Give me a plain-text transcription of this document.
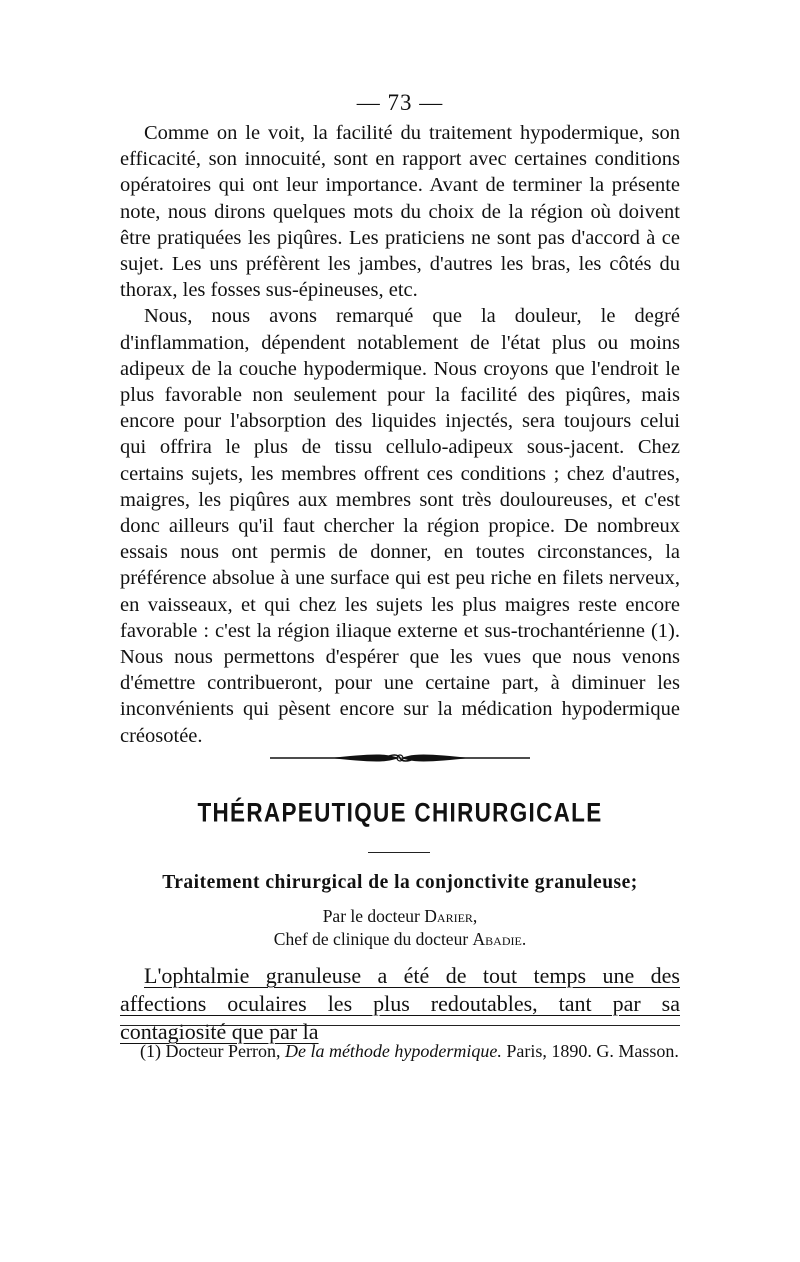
— 73 —

Comme on le voit, la facilité du traitement hypodermique, son efficacité, son innocuité, sont en rapport avec certaines conditions opératoires qui ont leur importance. Avant de terminer la présente note, nous dirons quelques mots du choix de la région où doivent être pratiquées les piqûres. Les praticiens ne sont pas d'accord à ce sujet. Les uns préfèrent les jambes, d'autres les bras, les côtés du thorax, les fosses sus-épineuses, etc.

Nous, nous avons remarqué que la douleur, le degré d'inflammation, dépendent notablement de l'état plus ou moins adipeux de la couche hypodermique. Nous croyons que l'endroit le plus favorable non seulement pour la facilité des piqûres, mais encore pour l'absorption des liquides injectés, sera toujours celui qui offrira le plus de tissu cellulo-adipeux sous-jacent. Chez certains sujets, les membres offrent ces conditions ; chez d'autres, maigres, les piqûres aux membres sont très douloureuses, et c'est donc ailleurs qu'il faut chercher la région propice. De nombreux essais nous ont permis de donner, en toutes circonstances, la préférence absolue à une surface qui est peu riche en filets nerveux, en vaisseaux, et qui chez les sujets les plus maigres reste encore favorable : c'est la région iliaque externe et sus-trochantérienne (1). Nous nous permettons d'espérer que les vues que nous venons d'émettre contribueront, pour une certaine part, à diminuer les inconvénients qui pèsent encore sur la médication hypodermique créosotée.

THÉRAPEUTIQUE CHIRURGICALE
Traitement chirurgical de la conjonctivite granuleuse;
Par le docteur Darier,
Chef de clinique du docteur Abadie.

L'ophtalmie granuleuse a été de tout temps une des affections oculaires les plus redoutables, tant par sa contagiosité que par la

(1) Docteur Perron, De la méthode hypodermique. Paris, 1890. G. Masson.
